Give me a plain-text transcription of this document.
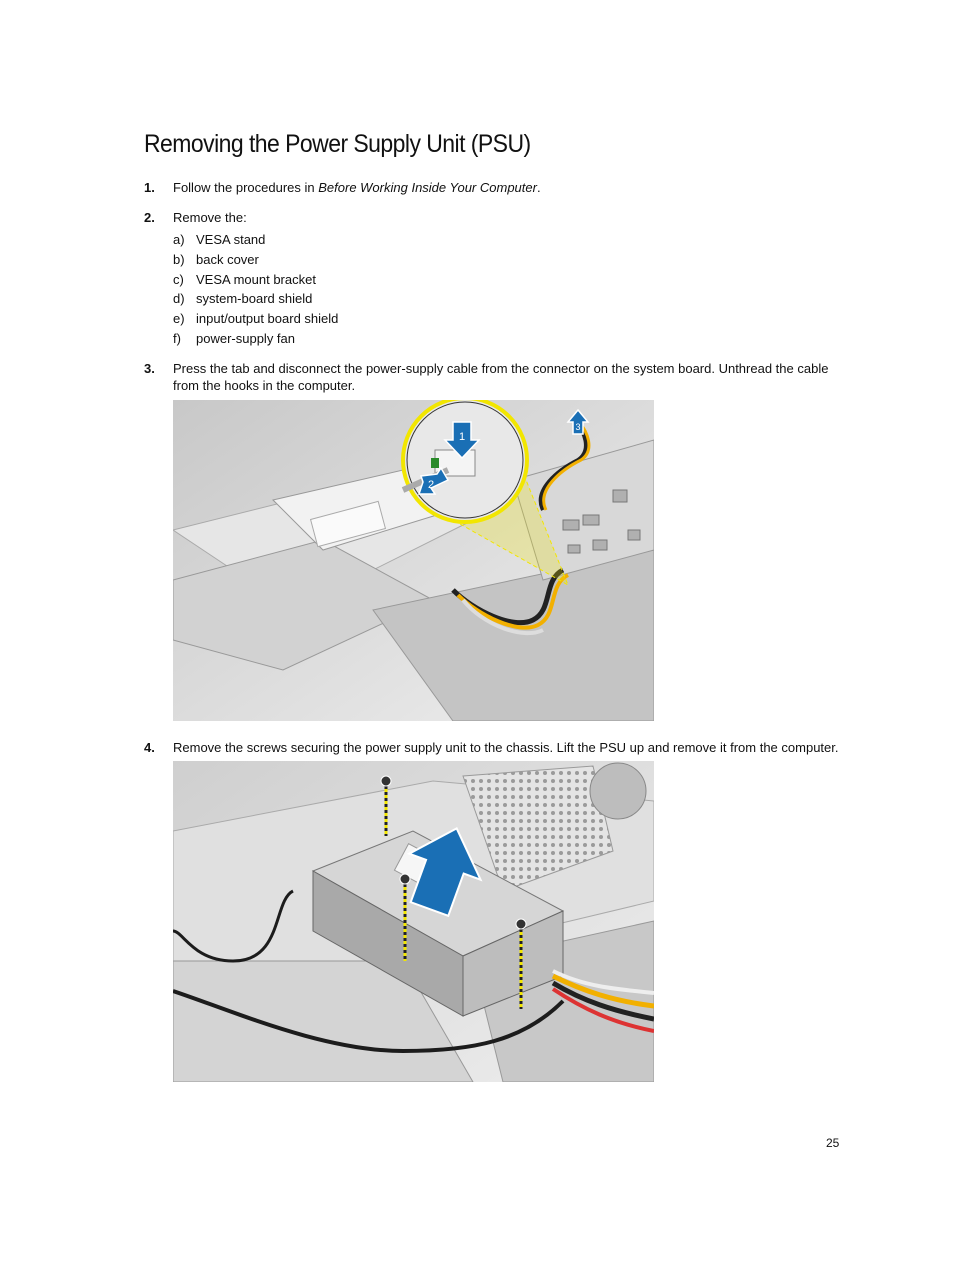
Removing the Power Supply Unit (PSU)
1. Follow the procedures in Before Working Inside Your Computer.
2. Remove the:
a) VESA stand
b) back cover
c) VESA mount bracket
d) system-board shield
e) input/output board shield
f) power-supply fan
3. Press the tab and disconnect the power-supply cable from the connector on the system board. Unthread the cable from the hooks in the computer.
1
2
3
4. Remove the screws securing the power supply unit to the chassis. Lift the PSU up and remove it from the computer.
25
